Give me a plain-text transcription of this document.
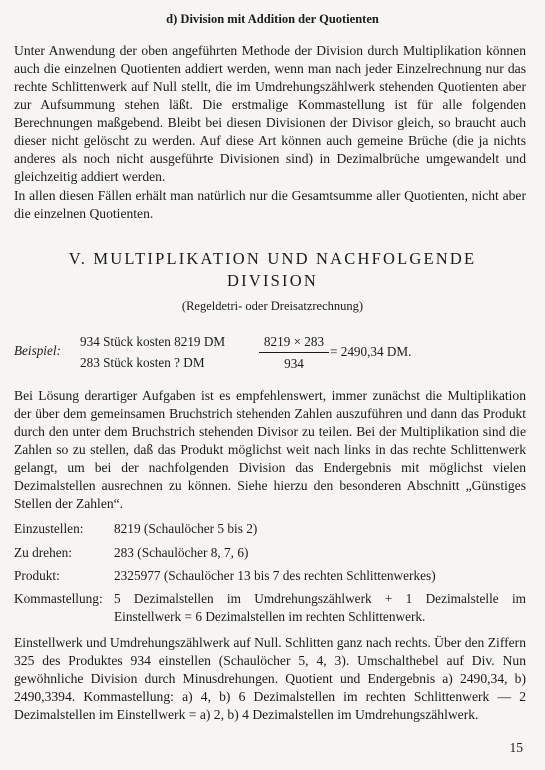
d) Division mit Addition der Quotienten

Unter Anwendung der oben angeführten Methode der Division durch Multiplikation können auch die einzelnen Quotienten addiert werden, wenn man nach jeder Einzelrechnung nur das rechte Schlittenwerk auf Null stellt, die im Umdrehungszählwerk stehenden Quotienten aber zur Aufsummung stehen läßt. Die erstmalige Kommastellung ist für alle folgenden Berechnungen maßgebend. Bleibt bei diesen Divisionen der Divisor gleich, so braucht auch dieser nicht gelöscht zu werden. Auf diese Art können auch gemeine Brüche (die ja nichts anderes als noch nicht ausgeführte Divisionen sind) in Dezimalbrüche umgewandelt und gleichzeitig addiert werden.

In allen diesen Fällen erhält man natürlich nur die Gesamtsumme aller Quotienten, nicht aber die einzelnen Quotienten.

V. MULTIPLIKATION UND NACHFOLGENDE
DIVISION
(Regeldetri- oder Dreisatzrechnung)
Beispiel:
934 Stück kosten 8219 DM
283 Stück kosten ? DM	$\frac{8219 \times 283}{934} = 2490,34$ DM.

Bei Lösung derartiger Aufgaben ist es empfehlenswert, immer zunächst die Multiplikation der über dem gemeinsamen Bruchstrich stehenden Zahlen auszuführen und dann das Produkt durch den unter dem Bruchstrich stehenden Divisor zu teilen. Bei der Multiplikation sind die Zahlen so zu stellen, daß das Produkt möglichst weit nach links in das rechte Schlittenwerk gelangt, um bei der nachfolgenden Division das Endergebnis mit möglichst vielen Dezimalstellen ausrechnen zu können. Siehe hierzu den besonderen Abschnitt „Günstiges Stellen der Zahlen“.

Einzustellen: 8219 (Schaulöcher 5 bis 2)
Zu drehen:	283 (Schaulöcher 8, 7, 6)
Produkt:	2325977 (Schaulöcher 13 bis 7 des rechten Schlittenwerkes)
Kommastellung: 5 Dezimalstellen im Umdrehungszählwerk + 1 Dezimalstelle im Einstellwerk = 6 Dezimalstellen im rechten Schlittenwerk.

Einstellwerk und Umdrehungszählwerk auf Null. Schlitten ganz nach rechts. Über den Ziffern 325 des Produktes 934 einstellen (Schaulöcher 5, 4, 3). Umschalthebel auf Div. Nun gewöhnliche Division durch Minusdrehungen. Quotient und Endergebnis a) 2490,34, b) 2490,3394. Kommastellung: a) 4, b) 6 Dezimalstellen im rechten Schlittenwerk — 2 Dezimalstellen im Einstellwerk = a) 2, b) 4 Dezimalstellen im Umdrehungszählwerk.

15
